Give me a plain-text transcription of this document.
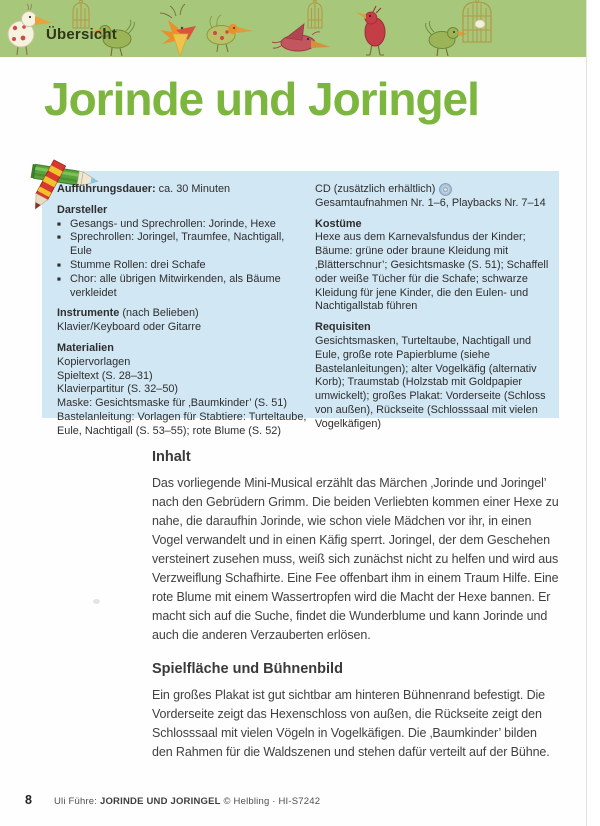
Übersicht
Jorinde und Joringel

Aufführungsdauer: ca. 30 Minuten

Darsteller

■ Gesangs- und Sprechrollen: Jorinde, Hexe
■ Sprechrollen: Joringel, Traumfee, Nachtigall, Eule
■ Stumme Rollen: drei Schafe
■ Chor: alle übrigen Mitwirkenden, als Bäume verkleidet

Instrumente (nach Belieben)

Klavier/Keyboard oder Gitarre

Materialien

Kopiervorlagen

Spieltext (S. 28–31)

Klavierpartitur (S. 32–50)

Maske: Gesichtsmaske für ‚Baumkinder’ (S. 51)

Bastelanleitung: Vorlagen für Stabtiere: Turteltaube, Eule, Nachtigall (S. 53–55); rote Blume (S. 52)

CD (zusätzlich erhältlich)

Gesamtaufnahmen Nr. 1–6, Playbacks Nr. 7–14

Kostüme

Hexe aus dem Karnevalsfundus der Kinder; Bäume: grüne oder braune Kleidung mit ‚Blätterschnur’; Gesichtsmaske (S. 51); Schaffell oder weiße Tücher für die Schafe; schwarze Kleidung für jene Kinder, die den Eulen- und Nachtigallstab führen

Requisiten

Gesichtsmasken, Turteltaube, Nachtigall und Eule, große rote Papierblume (siehe Bastelanleitungen); alter Vogelkäfig (alternativ Korb); Traumstab (Holzstab mit Goldpapier umwickelt); großes Plakat: Vorderseite (Schloss von außen), Rückseite (Schlosssaal mit vielen Vogelkäfigen)

Inhalt

Das vorliegende Mini-Musical erzählt das Märchen ‚Jorinde und Joringel’ nach den Gebrüdern Grimm. Die beiden Verliebten kommen einer Hexe zu nahe, die daraufhin Jorinde, wie schon viele Mädchen vor ihr, in einen Vogel verwandelt und in einen Käfig sperrt. Joringel, der dem Geschehen versteinert zusehen muss, weiß sich zunächst nicht zu helfen und wird aus Verzweiflung Schafhirte. Eine Fee offenbart ihm in einem Traum Hilfe. Eine rote Blume mit einem Wassertropfen wird die Macht der Hexe bannen. Er macht sich auf die Suche, findet die Wunderblume und kann Jorinde und auch die anderen Verzauberten erlösen.

Spielfläche und Bühnenbild

Ein großes Plakat ist gut sichtbar am hinteren Bühnenrand befestigt. Die Vorderseite zeigt das Hexenschloss von außen, die Rückseite zeigt den Schlosssaal mit vielen Vögeln in Vogelkäfigen. Die ‚Baumkinder’ bilden den Rahmen für die Waldszenen und stehen dafür verteilt auf der Bühne.

8 Uli Führe: JORINDE UND JORINGEL © Helbling · HI-S7242
